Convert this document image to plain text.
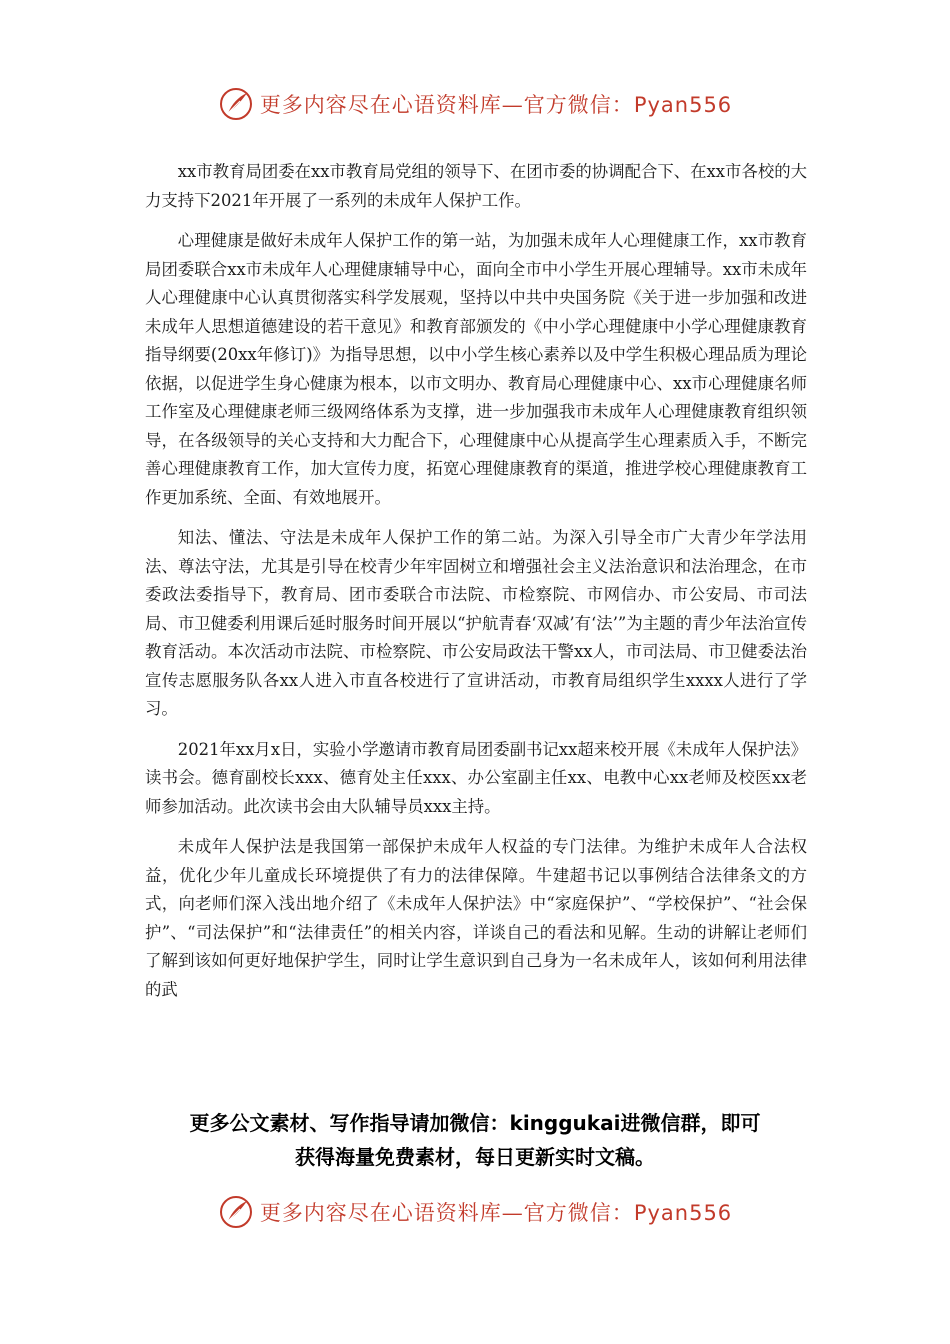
更多内容尽在心语资料库—官方微信：Pyan556

xx市教育局团委在xx市教育局党组的领导下、在团市委的协调配合下、在xx市各校的大力支持下2021年开展了一系列的未成年人保护工作。

心理健康是做好未成年人保护工作的第一站，为加强未成年人心理健康工作，xx市教育局团委联合xx市未成年人心理健康辅导中心，面向全市中小学生开展心理辅导。xx市未成年人心理健康中心认真贯彻落实科学发展观，坚持以中共中央国务院《关于进一步加强和改进未成年人思想道德建设的若干意见》和教育部颁发的《中小学心理健康中小学心理健康教育指导纲要(20xx年修订)》为指导思想，以中小学生核心素养以及中学生积极心理品质为理论依据，以促进学生身心健康为根本，以市文明办、教育局心理健康中心、xx市心理健康名师工作室及心理健康老师三级网络体系为支撑，进一步加强我市未成年人心理健康教育组织领导，在各级领导的关心支持和大力配合下，心理健康中心从提高学生心理素质入手，不断完善心理健康教育工作，加大宣传力度，拓宽心理健康教育的渠道，推进学校心理健康教育工作更加系统、全面、有效地展开。

知法、懂法、守法是未成年人保护工作的第二站。为深入引导全市广大青少年学法用法、尊法守法，尤其是引导在校青少年牢固树立和增强社会主义法治意识和法治理念，在市委政法委指导下，教育局、团市委联合市法院、市检察院、市网信办、市公安局、市司法局、市卫健委利用课后延时服务时间开展以“护航青春‘双减’有‘法’”为主题的青少年法治宣传教育活动。本次活动市法院、市检察院、市公安局政法干警xx人，市司法局、市卫健委法治宣传志愿服务队各xx人进入市直各校进行了宣讲活动，市教育局组织学生xxxx人进行了学习。

2021年xx月x日，实验小学邀请市教育局团委副书记xx超来校开展《未成年人保护法》读书会。德育副校长xxx、德育处主任xxx、办公室副主任xx、电教中心xx老师及校医xx老师参加活动。此次读书会由大队辅导员xxx主持。

未成年人保护法是我国第一部保护未成年人权益的专门法律。为维护未成年人合法权益，优化少年儿童成长环境提供了有力的法律保障。牛建超书记以事例结合法律条文的方式，向老师们深入浅出地介绍了《未成年人保护法》中“家庭保护”、“学校保护”、“社会保护”、“司法保护”和“法律责任”的相关内容，详谈自己的看法和见解。生动的讲解让老师们了解到该如何更好地保护学生，同时让学生意识到自己身为一名未成年人，该如何利用法律的武

更多公文素材、写作指导请加微信：kinggukai进微信群，即可
获得海量免费素材，每日更新实时文稿。
更多内容尽在心语资料库—官方微信：Pyan556
